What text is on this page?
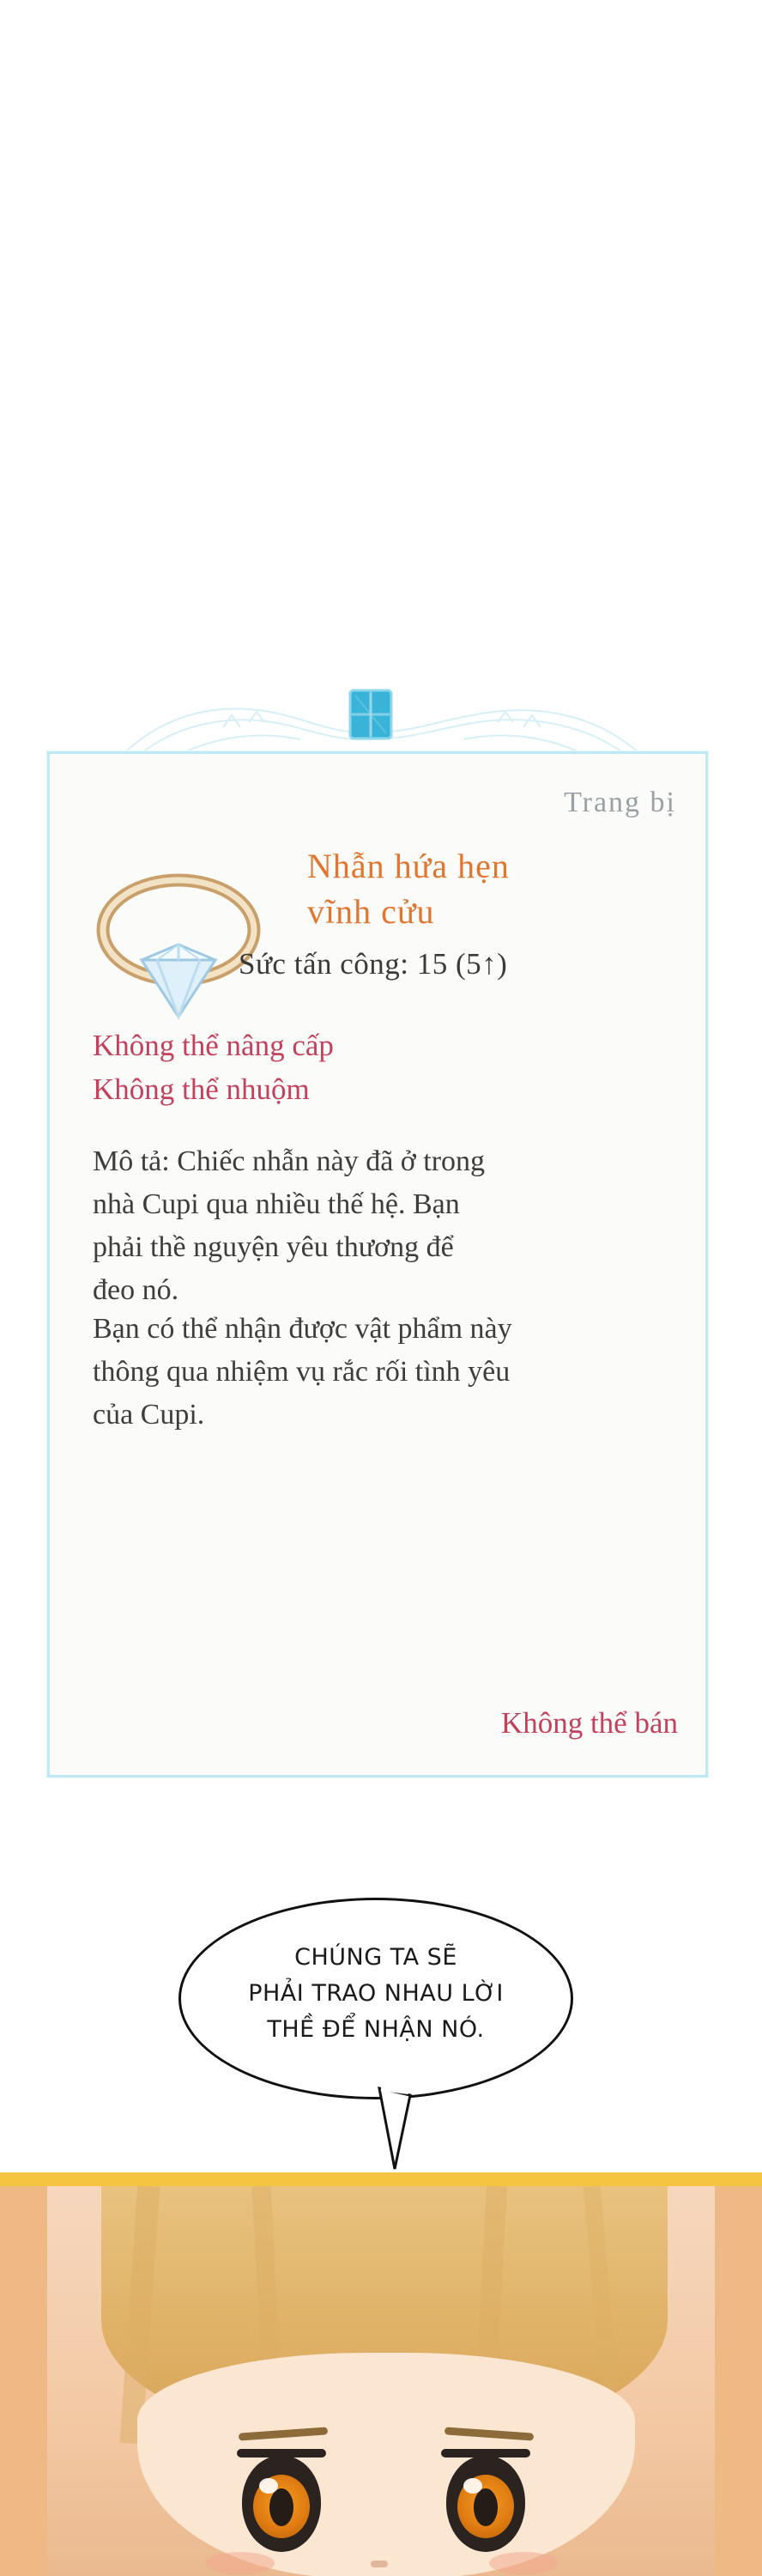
Trang bị
Nhẫn hứa hẹn
vĩnh cửu
Sức tấn công: 15 (5↑)
Không thể nâng cấp
Không thể nhuộm
Mô tả: Chiếc nhẫn này đã ở trong nhà Cupi qua nhiều thế hệ. Bạn phải thề nguyện yêu thương để đeo nó.
Bạn có thể nhận được vật phẩm này thông qua nhiệm vụ rắc rối tình yêu của Cupi.
Không thể bán
CHÚNG TA SẼ
PHẢI TRAO NHAU LỜI
THỀ ĐỂ NHẬN NÓ.
